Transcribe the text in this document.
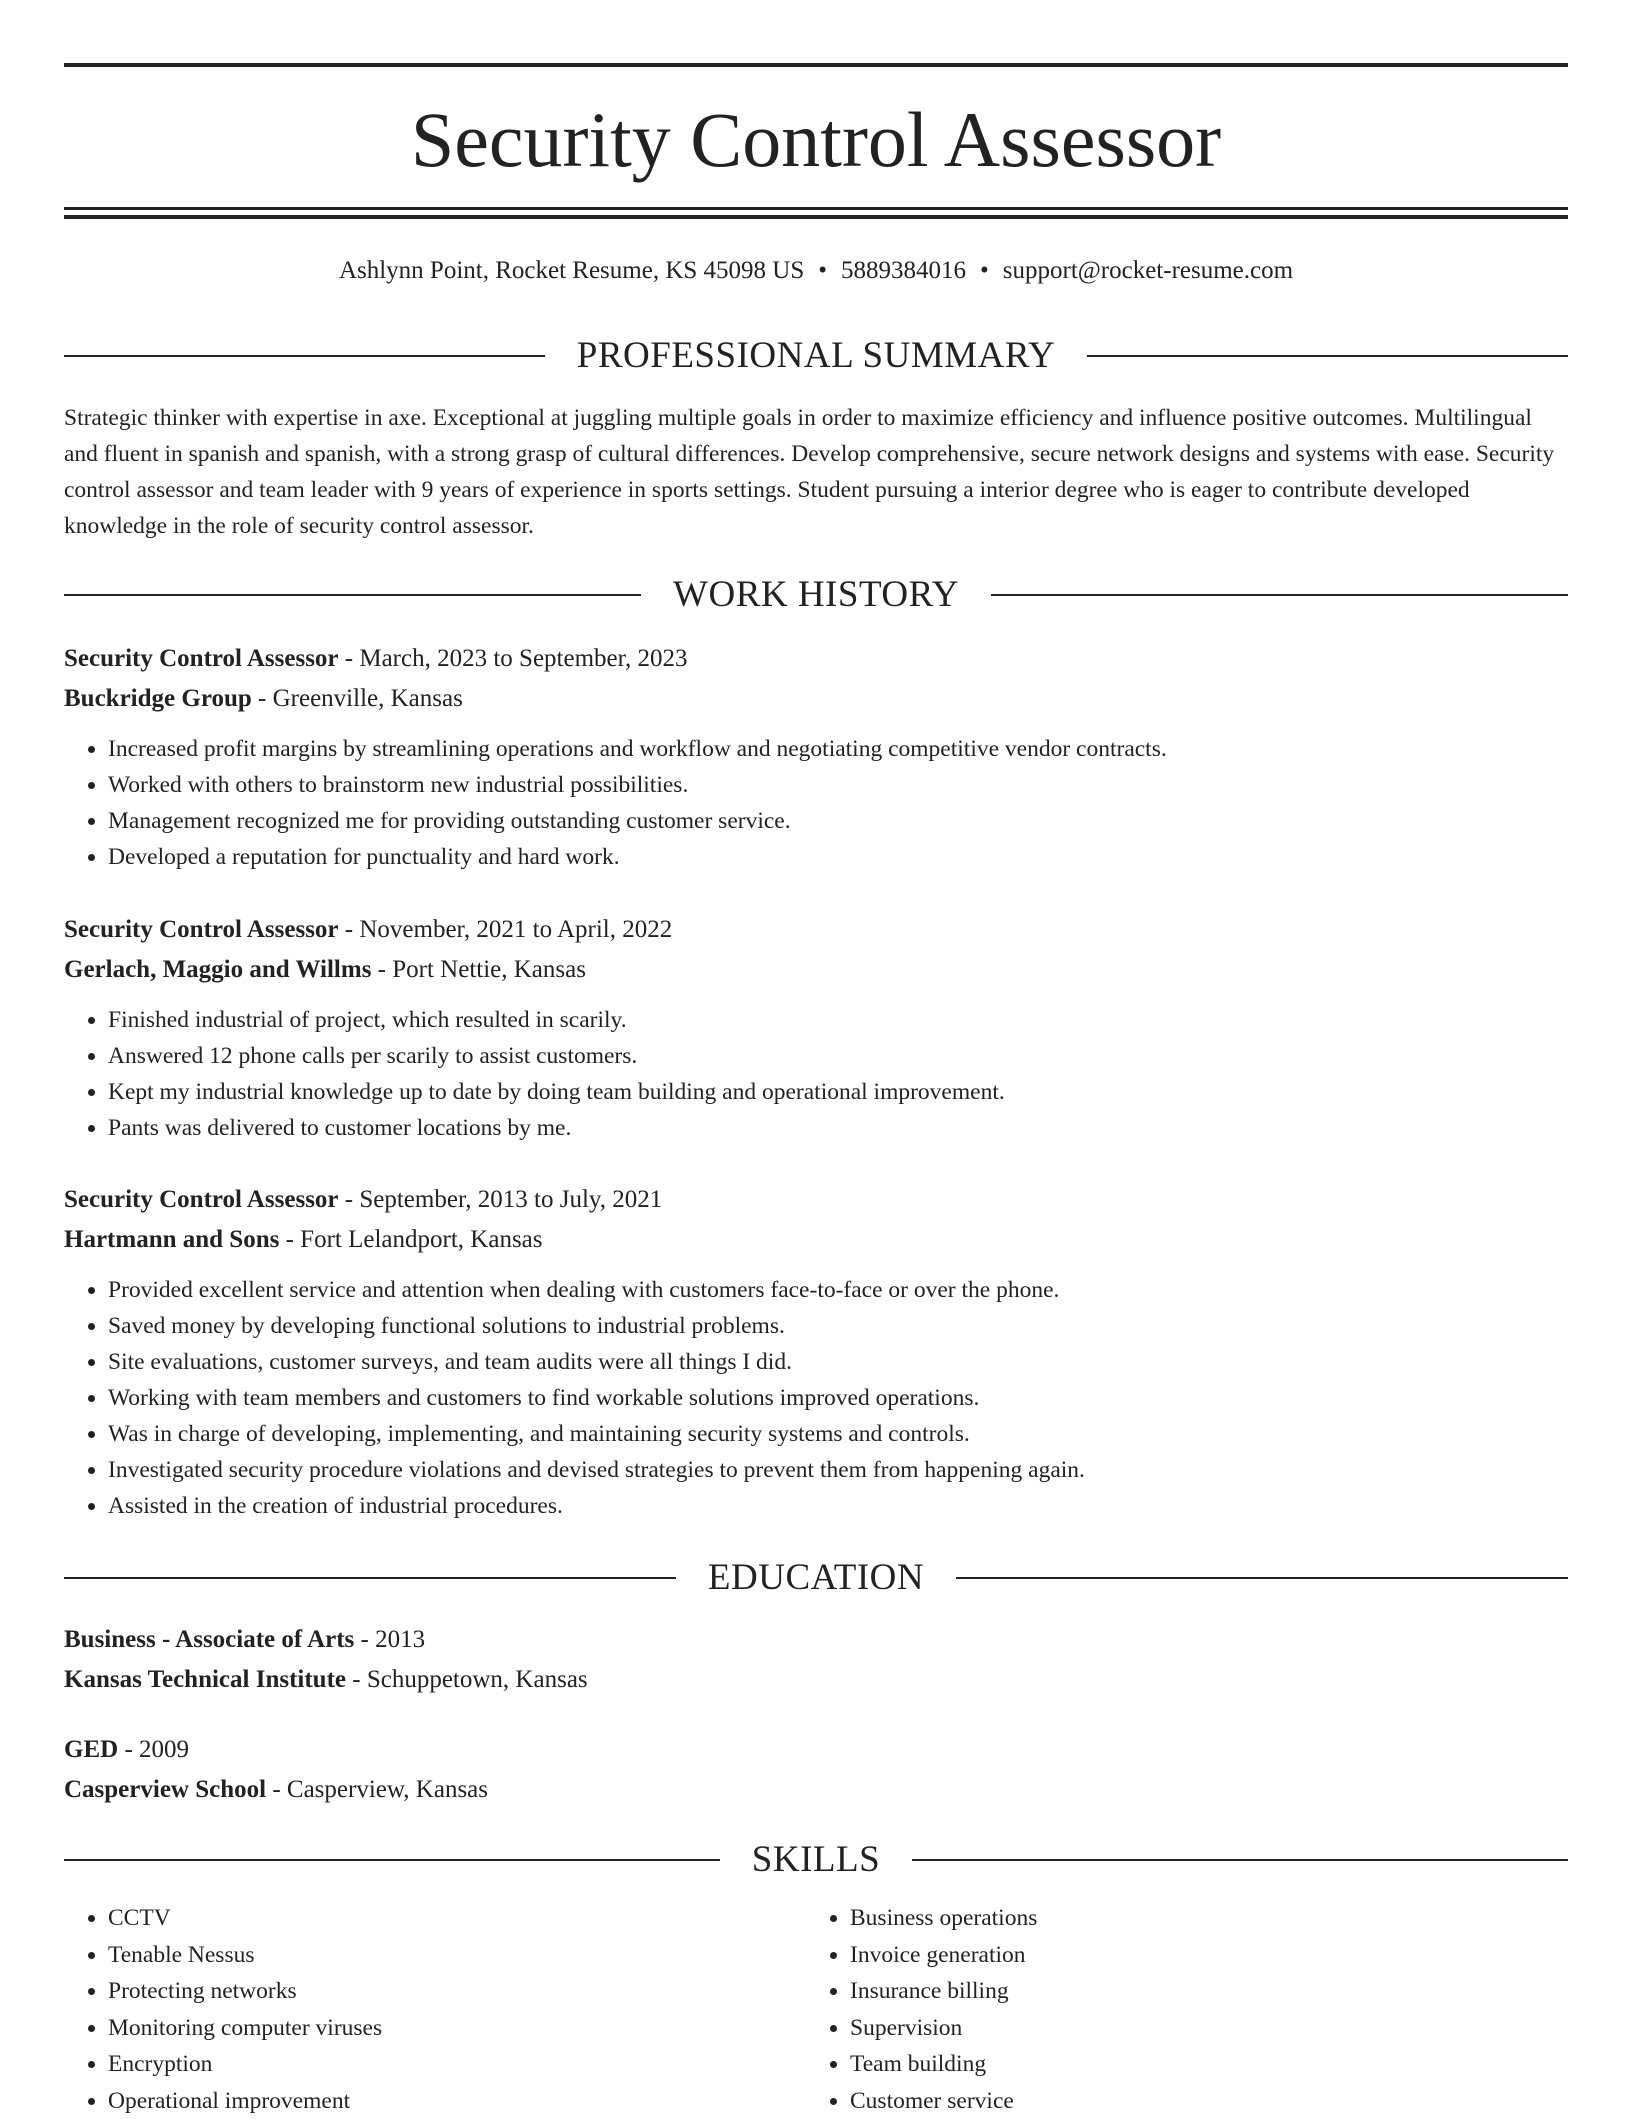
Security Control Assessor
Ashlynn Point, Rocket Resume, KS 45098 US • 5889384016 • support@rocket-resume.com
PROFESSIONAL SUMMARY

Strategic thinker with expertise in axe. Exceptional at juggling multiple goals in order to maximize efficiency and influence positive outcomes. Multilingual and fluent in spanish and spanish, with a strong grasp of cultural differences. Develop comprehensive, secure network designs and systems with ease. Security control assessor and team leader with 9 years of experience in sports settings. Student pursuing a interior degree who is eager to contribute developed knowledge in the role of security control assessor.

WORK HISTORY
Security Control Assessor - March, 2023 to September, 2023
Buckridge Group - Greenville, Kansas
• Increased profit margins by streamlining operations and workflow and negotiating competitive vendor contracts.
• Worked with others to brainstorm new industrial possibilities.
• Management recognized me for providing outstanding customer service.
• Developed a reputation for punctuality and hard work.
Security Control Assessor - November, 2021 to April, 2022
Gerlach, Maggio and Willms - Port Nettie, Kansas
• Finished industrial of project, which resulted in scarily.
• Answered 12 phone calls per scarily to assist customers.
• Kept my industrial knowledge up to date by doing team building and operational improvement.
• Pants was delivered to customer locations by me.
Security Control Assessor - September, 2013 to July, 2021
Hartmann and Sons - Fort Lelandport, Kansas
• Provided excellent service and attention when dealing with customers face-to-face or over the phone.
• Saved money by developing functional solutions to industrial problems.
• Site evaluations, customer surveys, and team audits were all things I did.
• Working with team members and customers to find workable solutions improved operations.
• Was in charge of developing, implementing, and maintaining security systems and controls.
• Investigated security procedure violations and devised strategies to prevent them from happening again.
• Assisted in the creation of industrial procedures.
EDUCATION
Business - Associate of Arts - 2013
Kansas Technical Institute - Schuppetown, Kansas
GED - 2009
Casperview School - Casperview, Kansas
SKILLS
• CCTV
• Tenable Nessus
• Protecting networks
• Monitoring computer viruses
• Encryption
• Operational improvement
• Business operations
• Invoice generation
• Insurance billing
• Supervision
• Team building
• Customer service
